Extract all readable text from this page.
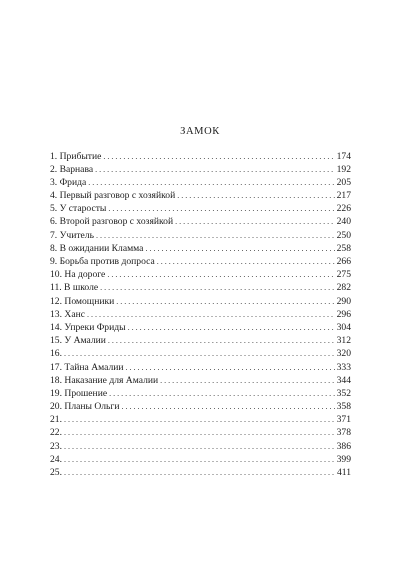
ЗАМОК
1. Прибытие . . .	174
2. Варнава . . .	192
3. Фрида . . .	205
4. Первый разговор с хозяйкой . . .	217
5. У старосты . . .	226
6. Второй разговор с хозяйкой . . .	240
7. Учитель . . .	250
8. В ожидании Кламма . . .	258
9. Борьба против допроса . . .	266
10. На дороге . . .	275
11. В школе . . .	282
12. Помощники . . .	290
13. Ханс . . .	296
14. Упреки Фриды . . .	304
15. У Амалии . . .	312
16. . . .	320
17. Тайна Амалии . . .	333
18. Наказание для Амалии . . .	344
19. Прошение . . .	352
20. Планы Ольги . . .	358
21. . . .	371
22. . . .	378
23. . . .	386
24. . . .	399
25. . . .	411
